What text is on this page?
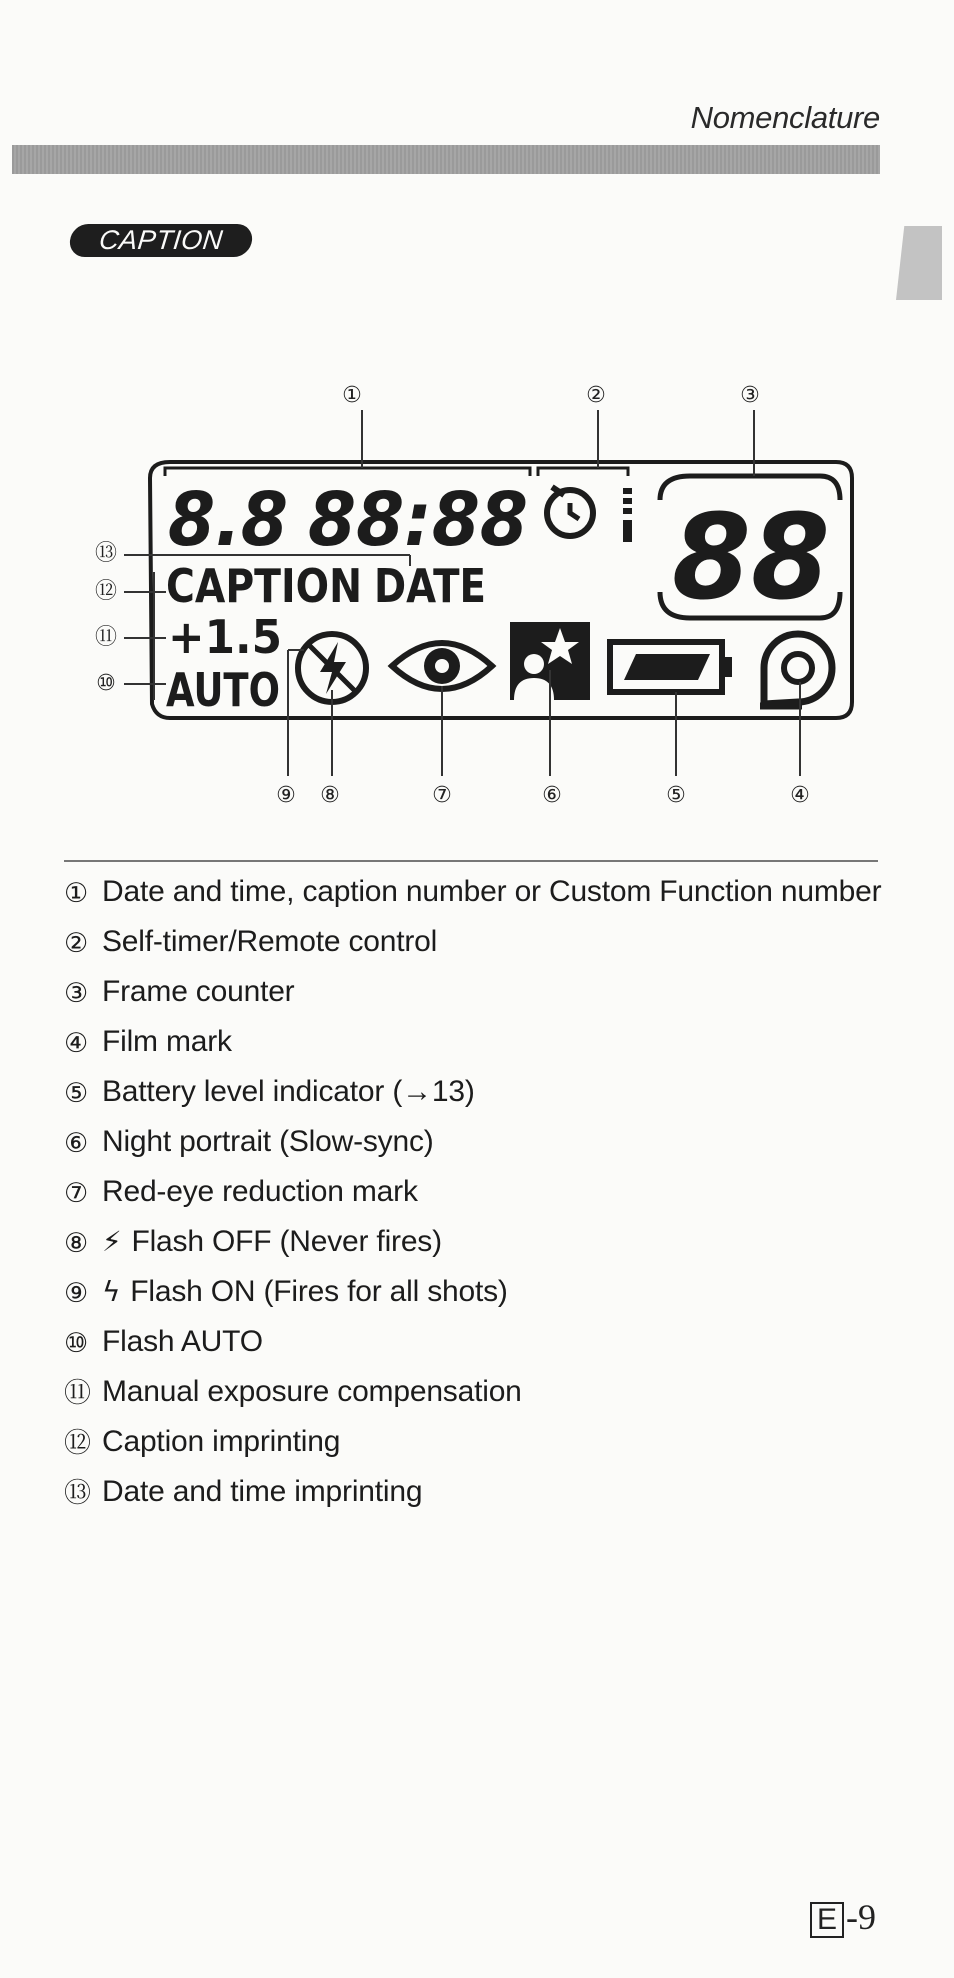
Nomenclature
CAPTION
8.8 88:88 88
CAPTION DATE
+1.5
AUTO
①	②	③
⑬
⑫
⑪
⑩
⑨ ⑧	⑦	⑥	⑤	④
① Date and time, caption number or Custom Function number
② Self-timer/Remote control
③ Frame counter
④ Film mark
⑤ Battery level indicator (→13)
⑥ Night portrait (Slow-sync)
⑦ Red-eye reduction mark
⑧ ⚡ Flash OFF (Never fires)
⑨ ϟ Flash ON (Fires for all shots)
⑩ Flash AUTO
⑪ Manual exposure compensation
⑫ Caption imprinting
⑬ Date and time imprinting
E -9
